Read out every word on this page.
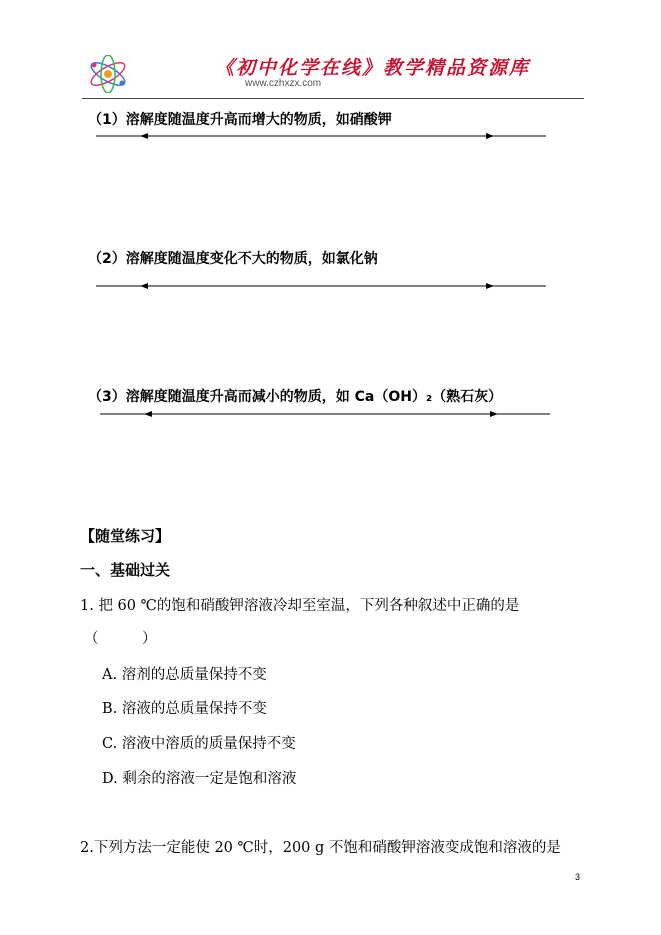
《初中化学在线》教学精品资源库
www.czhxzx.com
（1）溶解度随温度升高而增大的物质，如硝酸钾
（2）溶解度随温度变化不大的物质，如氯化钠
（3）溶解度随温度升高而减小的物质，如 Ca（OH）₂（熟石灰）
【随堂练习】
一、基础过关
1. 把 60 ℃的饱和硝酸钾溶液冷却至室温，下列各种叙述中正确的是
（　　　）
A. 溶剂的总质量保持不变
B. 溶液的总质量保持不变
C. 溶液中溶质的质量保持不变
D. 剩余的溶液一定是饱和溶液
2.下列方法一定能使 20 ℃时，200 g 不饱和硝酸钾溶液变成饱和溶液的是
3
